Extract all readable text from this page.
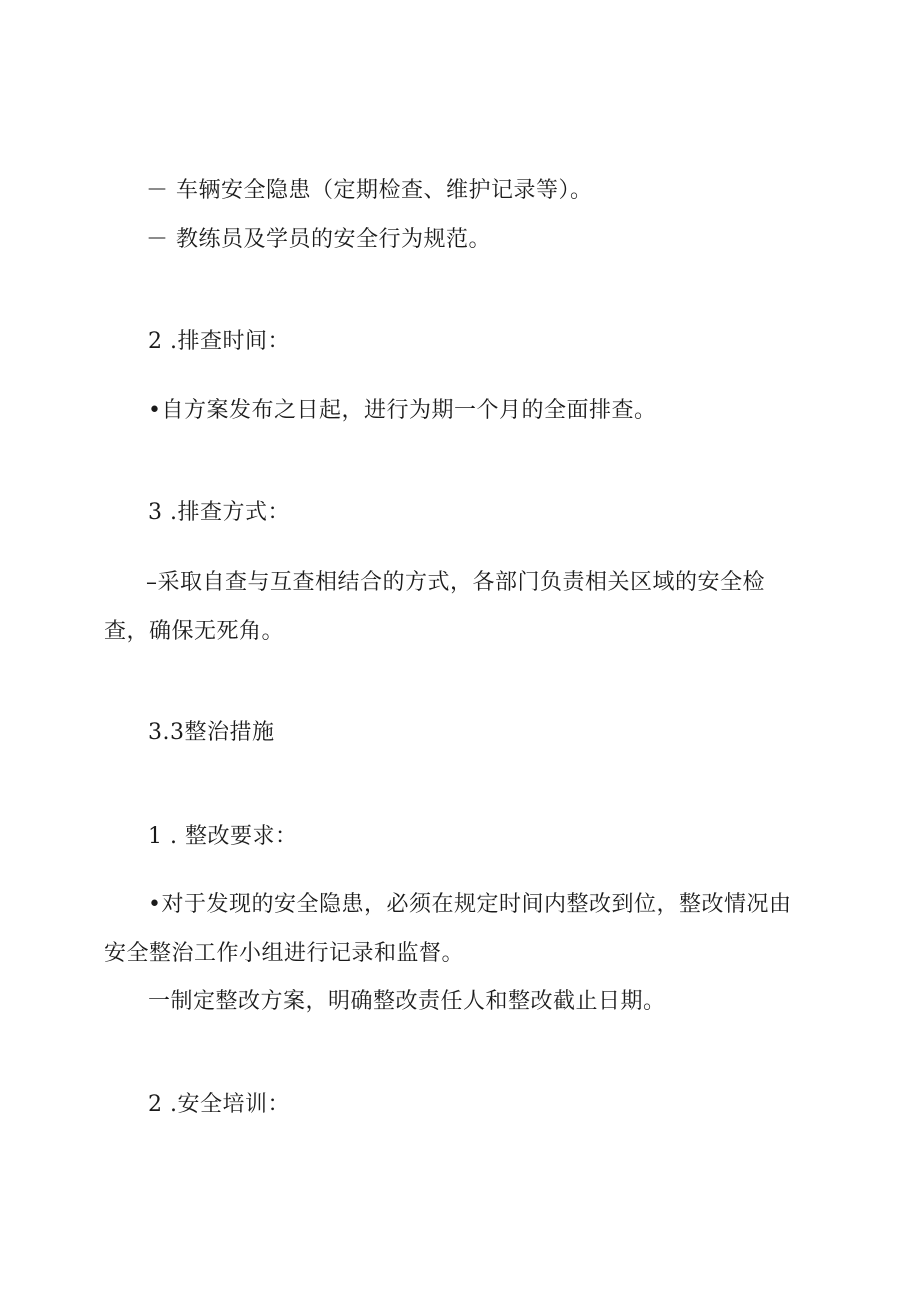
－ 车辆安全隐患（定期检查、维护记录等）。
－ 教练员及学员的安全行为规范。
2 .排查时间：
•自方案发布之日起，进行为期一个月的全面排查。
3 .排查方式：
–采取自查与互查相结合的方式，各部门负责相关区域的安全检
查，确保无死角。
3.3整治措施
1 . 整改要求：
•对于发现的安全隐患，必须在规定时间内整改到位，整改情况由
安全整治工作小组进行记录和监督。
一制定整改方案，明确整改责任人和整改截止日期。
2 .安全培训：
